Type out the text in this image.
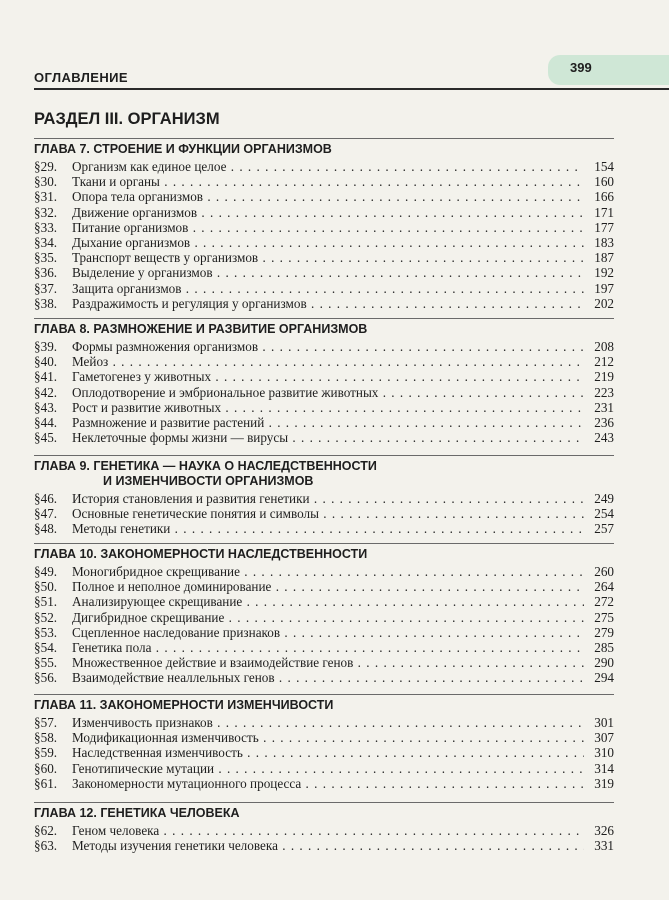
399
ОГЛАВЛЕНИЕ
РАЗДЕЛ III. ОРГАНИЗМ
ГЛАВА 7. СТРОЕНИЕ И ФУНКЦИИ ОРГАНИЗМОВ
§29. Организм как единое целое . . .	154
§30. Ткани и органы . . .	160
§31. Опора тела организмов . . .	166
§32. Движение организмов . . .	171
§33. Питание организмов . . .	177
§34. Дыхание организмов . . .	183
§35. Транспорт веществ у организмов . . .	187
§36. Выделение у организмов . . .	192
§37. Защита организмов . . .	197
§38. Раздражимость и регуляция у организмов . . .	202
ГЛАВА 8. РАЗМНОЖЕНИЕ И РАЗВИТИЕ ОРГАНИЗМОВ
§39. Формы размножения организмов . . .	208
§40. Мейоз . . .	212
§41. Гаметогенез у животных . . .	219
§42. Оплодотворение и эмбриональное развитие животных . . .	223
§43. Рост и развитие животных . . .	231
§44. Размножение и развитие растений . . .	236
§45. Неклеточные формы жизни — вирусы . . .	243
ГЛАВА 9. ГЕНЕТИКА — НАУКА О НАСЛЕДСТВЕННОСТИ
И ИЗМЕНЧИВОСТИ ОРГАНИЗМОВ
§46. История становления и развития генетики . . .	249
§47. Основные генетические понятия и символы . . .	254
§48. Методы генетики . . .	257
ГЛАВА 10. ЗАКОНОМЕРНОСТИ НАСЛЕДСТВЕННОСТИ
§49. Моногибридное скрещивание . . .	260
§50. Полное и неполное доминирование . . .	264
§51. Анализирующее скрещивание . . .	272
§52. Дигибридное скрещивание . . .	275
§53. Сцепленное наследование признаков . . .	279
§54. Генетика пола . . .	285
§55. Множественное действие и взаимодействие генов . . .	290
§56. Взаимодействие неаллельных генов . . .	294
ГЛАВА 11. ЗАКОНОМЕРНОСТИ ИЗМЕНЧИВОСТИ
§57. Изменчивость признаков . . .	301
§58. Модификационная изменчивость . . .	307
§59. Наследственная изменчивость . . .	310
§60. Генотипические мутации . . .	314
§61. Закономерности мутационного процесса . . .	319
ГЛАВА 12. ГЕНЕТИКА ЧЕЛОВЕКА
§62. Геном человека . . .	326
§63. Методы изучения генетики человека . . .	331
